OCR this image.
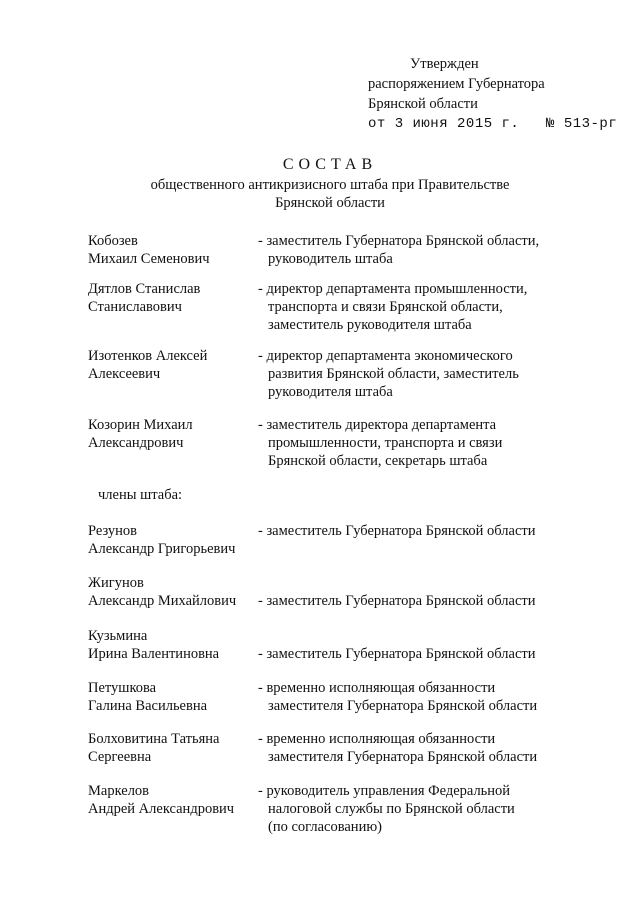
Утвержден
распоряжением Губернатора
Брянской области
от 3 июня 2015 г.   № 513-рг
СОСТАВ
общественного антикризисного штаба при Правительстве
Брянской области
Кобозев
Михаил Семенович
- заместитель Губернатора Брянской области,
руководитель штаба
Дятлов Станислав
Станиславович
- директор департамента промышленности,
транспорта и связи Брянской области,
заместитель руководителя штаба
Изотенков Алексей
Алексеевич
- директор департамента экономического
развития Брянской области, заместитель
руководителя штаба
Козорин Михаил
Александрович
- заместитель директора департамента
промышленности, транспорта и связи
Брянской области, секретарь штаба
члены штаба:
Резунов
Александр Григорьевич
- заместитель Губернатора Брянской области
Жигунов
Александр Михайлович	- заместитель Губернатора Брянской области
Кузьмина
Ирина Валентиновна	- заместитель Губернатора Брянской области
Петушкова
Галина Васильевна
- временно исполняющая обязанности
заместителя Губернатора Брянской области
Болховитина Татьяна
Сергеевна
- временно исполняющая обязанности
заместителя Губернатора Брянской области
Маркелов
Андрей Александрович
- руководитель управления Федеральной
налоговой службы по Брянской области
(по согласованию)
